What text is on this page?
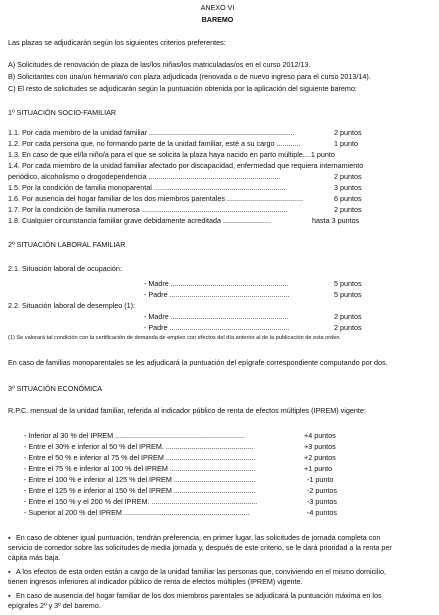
ANEXO VI
BAREMO
Las plazas se adjudicarán según los siguientes criterios preferentes:
A) Solicitudes de renovación de plaza de las/los niñas/los matriculadas/os en el curso 2012/13.
B) Solicitantes con una/un hermana/o con plaza adjudicada (renovada o de nuevo ingreso para el curso 2013/14).
C) El resto de solicitudes se adjudicarán según la puntuación obtenida por la aplicación del siguiente baremo:
1º SITUACIÓN SOCIO-FAMILIAR
1.1. Por cada miembro de la unidad familiar .........................................................................	2 puntos
1.2. Por cada persona que, no formando parte de la unidad familiar, esté a su cargo ............	1 punto
1.3. En caso de que el/la niño/a para el que se solicita la plaza haya nacido en parto múltiple....1 punto
1.4. Por cada miembro de la unidad familiar afectado por discapacidad, enfermedad que requiera internamiento
periódico, alcoholismo o drogodependencia ..................................................................	2 puntos
1.5. Por la condición de familia monoparental ..................................................................	3 puntos
1.6. Por ausencia del hogar familiar de los dos miembros parentales ......................................	6 puntos
1.7. Por la condición de familia numerosa .........................................................................	2 puntos
1.8. Cualquier circunstancia familiar grave debidamente acreditada ........................	hasta 3 puntos
2º SITUACIÓN LABORAL FAMILIAR
2.1. Situación laboral de ocupación:
- Madre ...........................................................	5 puntos
- Padre ............................................................	5 puntos
2.2. Situación laboral de desempleo (1):
- Madre ...........................................................	2 puntos
- Padre ............................................................	2 puntos
(1) Se valorará tal condición con la certificación de demanda de empleo con efectos del día anterior al de la publicación de esta orden.
En caso de familias monoparentales se les adjudicará la puntuación del epígrafe correspondiente computando por dos.
3º SITUACIÓN ECONÓMICA
R.P.C. mensual de la unidad familiar, referida al indicador público de renta de efectos múltiples (IPREM) vigente:
- Inferior al 30 % del IPREM .................................................................	+4 puntos
- Entre el 30% e inferior al 50 % del IPREM. ............................................	+3 puntos
- Entre el 50 % e inferior al 75 % del IPREM .............................................	+2 puntos
- Entre el 75 % e inferior al 100 % del IPREM ...........................................	+1 punto
- Entre el 100 % e inferior al 125 % del IPREM .........................................	-1 punto
- Entre el 125 % e inferior al 150 % del IPREM .........................................	-2 puntos
- Entre el 150 % y el 200 % del IPREM. .....................................................	-3 puntos
- Superior al 200 % del IPREM ...............................................................	-4 puntos
▪ En caso de obtener igual puntuación, tendrán preferencia, en primer lugar, las solicitudes de jornada completa con
servicio de comedor sobre las solicitudes de media jornada y, después de este criterio, se le dará prioridad a la renta per
cápita más baja.
▪ A los efectos de esta orden están a cargo de la unidad familiar las personas que, conviviendo en el mismo domicilio,
tienen ingresos inferiores al indicador público de renta de efectos múltiples (IPREM) vigente.
▪ En caso de ausencia del hogar familiar de los dos miembros parentales se adjudicará la puntuación máxima en los
epígrafes 2º y 3º del baremo.
